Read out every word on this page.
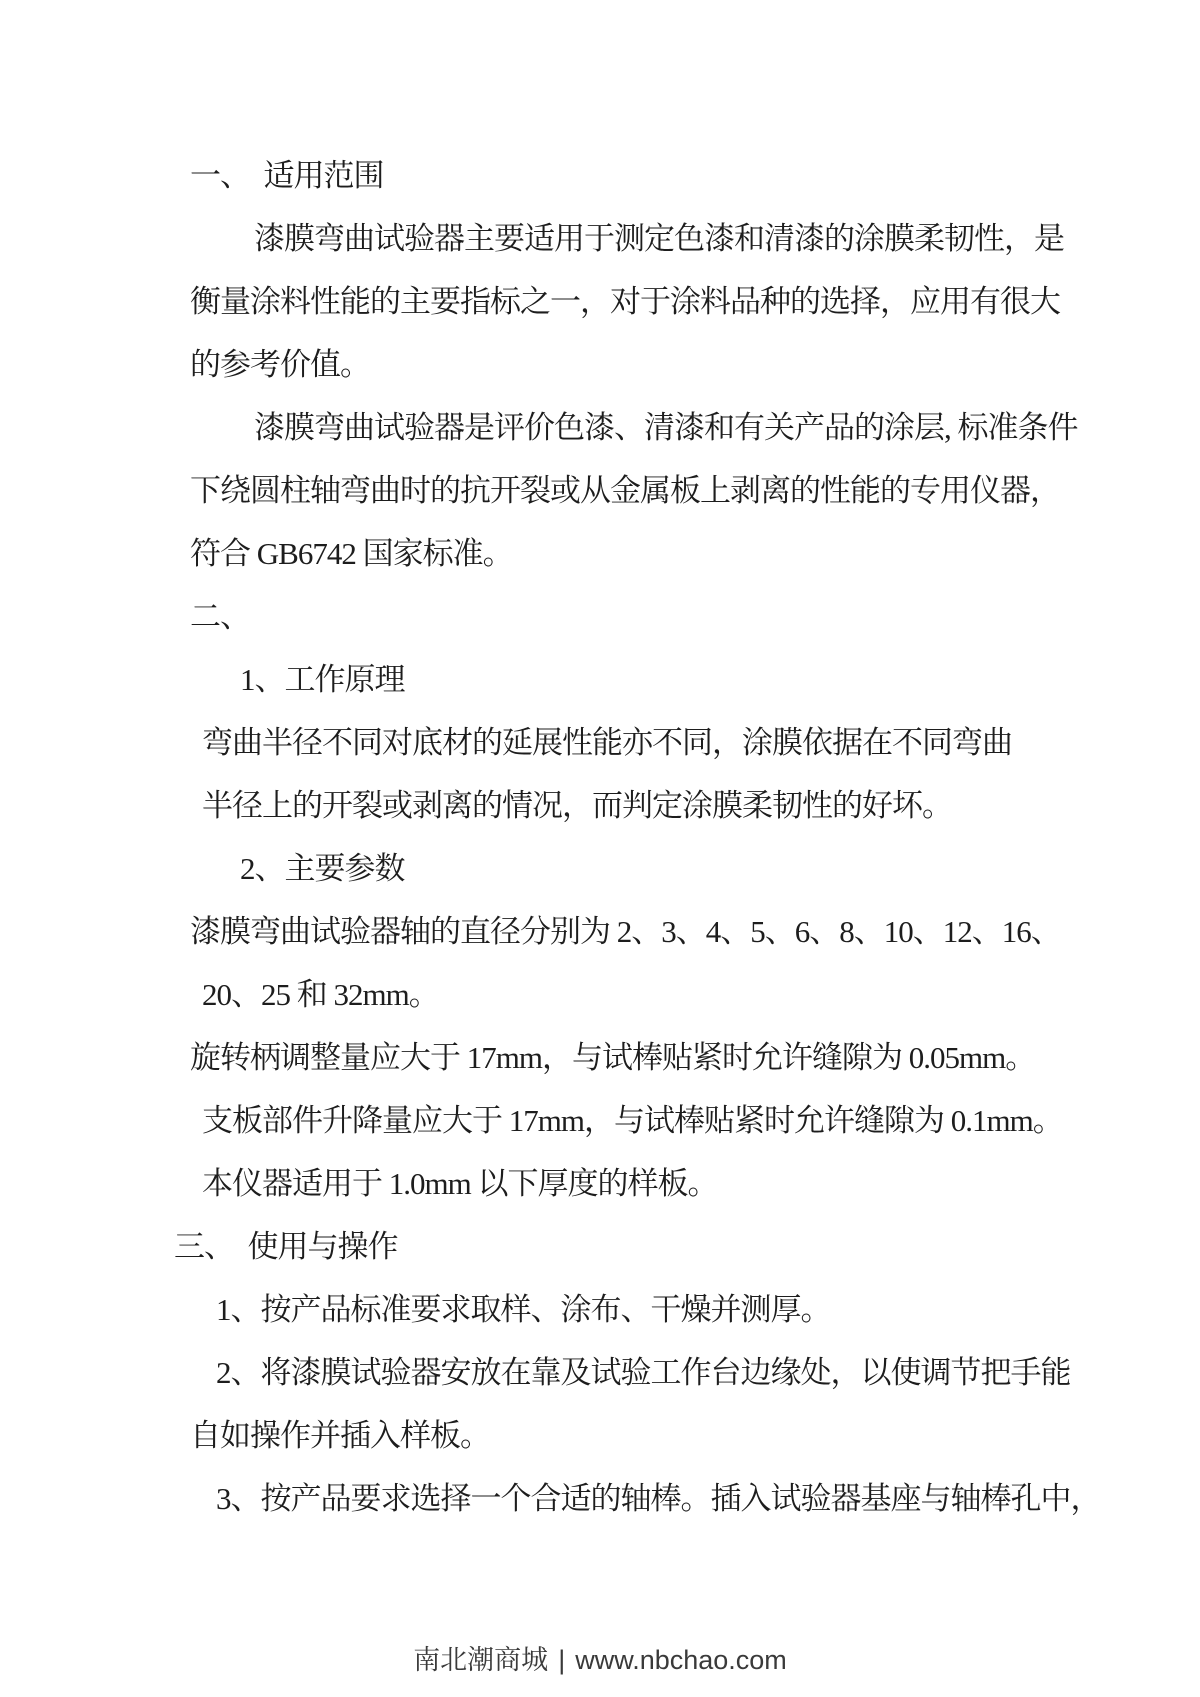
一、  适用范围
漆膜弯曲试验器主要适用于测定色漆和清漆的涂膜柔韧性，是
衡量涂料性能的主要指标之一，对于涂料品种的选择，应用有很大
的参考价值。
漆膜弯曲试验器是评价色漆、清漆和有关产品的涂层, 标准条件
下绕圆柱轴弯曲时的抗开裂或从金属板上剥离的性能的专用仪器，
符合 GB6742 国家标准。
二、
1、工作原理
弯曲半径不同对底材的延展性能亦不同，涂膜依据在不同弯曲
半径上的开裂或剥离的情况，而判定涂膜柔韧性的好坏。
2、主要参数
漆膜弯曲试验器轴的直径分别为 2、3、4、5、6、8、10、12、16、
20、25 和 32mm。
旋转柄调整量应大于 17mm，与试棒贴紧时允许缝隙为 0.05mm。
支板部件升降量应大于 17mm，与试棒贴紧时允许缝隙为 0.1mm。
本仪器适用于 1.0mm 以下厚度的样板。
三、  使用与操作
1、按产品标准要求取样、涂布、干燥并测厚。
2、将漆膜试验器安放在靠及试验工作台边缘处，以使调节把手能
自如操作并插入样板。
3、按产品要求选择一个合适的轴棒。插入试验器基座与轴棒孔中，
南北潮商城 | www.nbchao.com
